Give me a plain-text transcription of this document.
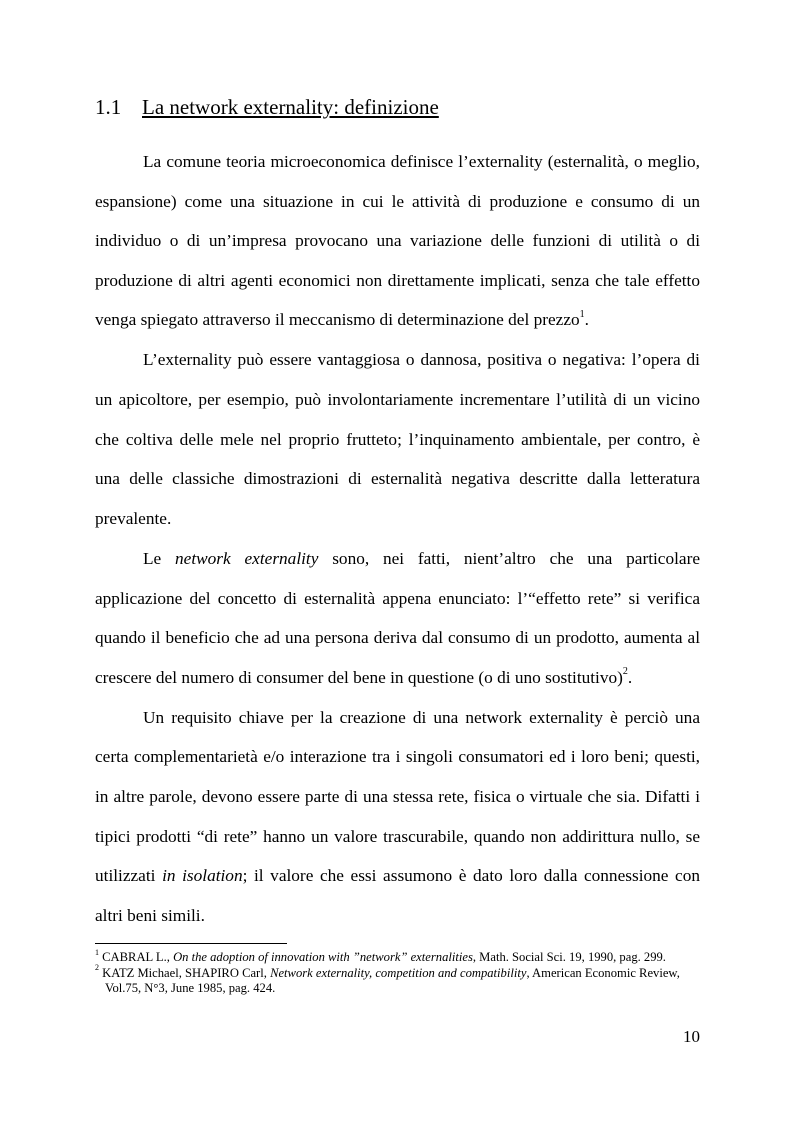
1.1 La network externality: definizione

La comune teoria microeconomica definisce l’externality (esternalità, o meglio, espansione) come una situazione in cui le attività di produzione e consumo di un individuo o di un’impresa provocano una variazione delle funzioni di utilità o di produzione di altri agenti economici non direttamente implicati, senza che tale effetto venga spiegato attraverso il meccanismo di determinazione del prezzo$^1$.

L’externality può essere vantaggiosa o dannosa, positiva o negativa: l’opera di un apicoltore, per esempio, può involontariamente incrementare l’utilità di un vicino che coltiva delle mele nel proprio frutteto; l’inquinamento ambientale, per contro, è una delle classiche dimostrazioni di esternalità negativa descritte dalla letteratura prevalente.

Le network externality sono, nei fatti, nient’altro che una particolare applicazione del concetto di esternalità appena enunciato: l’“effetto rete” si verifica quando il beneficio che ad una persona deriva dal consumo di un prodotto, aumenta al crescere del numero di consumer del bene in questione (o di uno sostitutivo)$^2$.

Un requisito chiave per la creazione di una network externality è perciò una certa complementarietà e/o interazione tra i singoli consumatori ed i loro beni; questi, in altre parole, devono essere parte di una stessa rete, fisica o virtuale che sia. Difatti i tipici prodotti “di rete” hanno un valore trascurabile, quando non addirittura nullo, se utilizzati in isolation; il valore che essi assumono è dato loro dalla connessione con altri beni simili.

$^1$ CABRAL L., On the adoption of innovation with ”network” externalities, Math. Social Sci. 19, 1990, pag. 299.

$^2$ KATZ Michael, SHAPIRO Carl, Network externality, competition and compatibility, American Economic Review,

Vol.75, N°3, June 1985, pag. 424.

10
